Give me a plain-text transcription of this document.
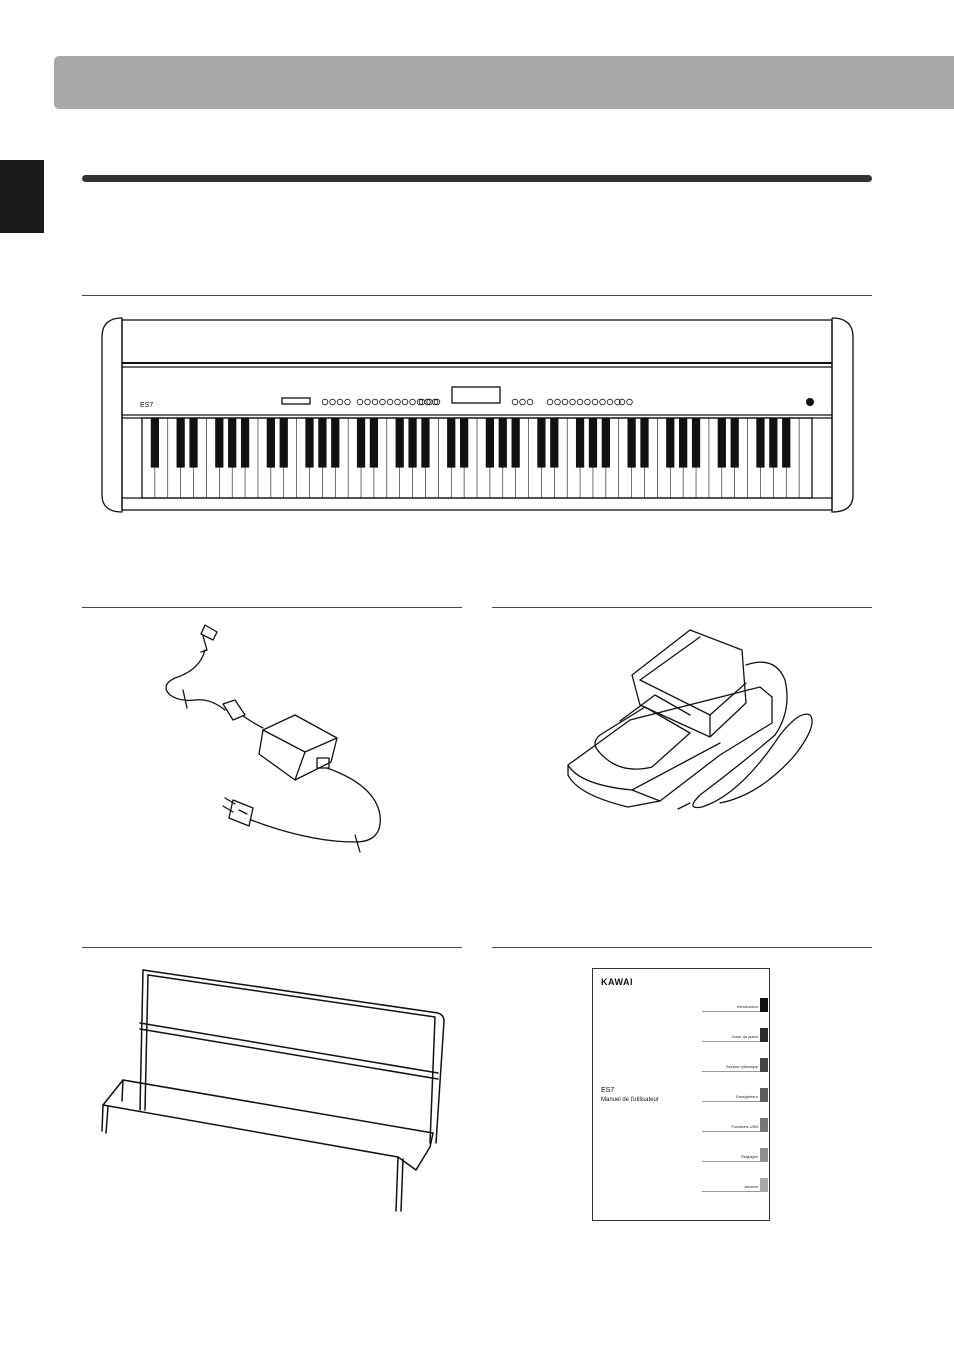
ES7
KAWAI
ES7
Manuel de l'utilisateur
Introduction
Jouer du piano
Section rythmique
Enregistreur
Fonctions USB
Réglages
Annexe
